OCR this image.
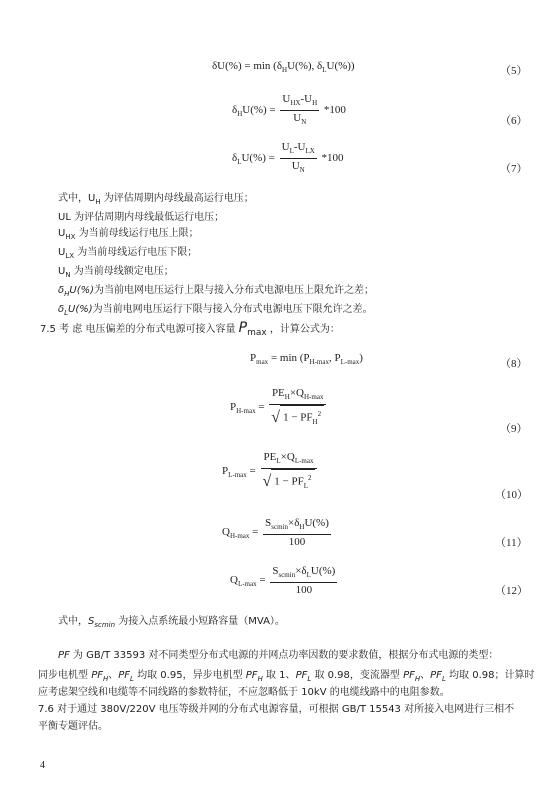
$\delta U(\%) = \min (\delta_HU(\%)$, $\delta_LU(\%)$)	（5）
$\delta_HU(\%) = \frac{U_{HX}-U_H}{U_N} *100$
（6）
$\delta_LU(\%) = \frac{U_L-U_{LX}}{U_N} *100$
（7）
式中，$U_H$ 为评估周期内母线最高运行电压；
UL 为评估周期内母线最低运行电压；
$U_{HX}$ 为当前母线运行电压上限；
$U_{LX}$ 为当前母线运行电压下限；
$U_N$ 为当前母线额定电压；
$\delta_HU(\%)$为当前电网电压运行上限与接入分布式电源电压上限允许之差；
$\delta_LU(\%)$为当前电网电压运行下限与接入分布式电源电压下限允许之差。
7.5 考 虑 电压偏差的分布式电源可接入容量 $P_{max}$ ，计算公式为：
$P_{max} = \min (P_{H-max}$, $P_{L-max}$)	（8）
$P_{H-max} = \frac{PE_H\times Q_{H-max}}{√ 1 - PF_H^2}$	（9）
$P_{L-max} = \frac{PE_L\times Q_{L-max}}{√ 1 - PF_L^2}$
（10）
$Q_{H-max} = \frac{S_{scmin}\times\delta_HU(\%)}{100}$	（11）
$Q_{L-max} = \frac{S_{scmin}\times\delta_LU(\%)}{100}$	（12）
式中，$S_{scmin}$ 为接入点系统最小短路容量（MVA）。
PF 为 GB/T 33593 对不同类型分布式电源的并网点功率因数的要求数值，根据分布式电源的类型：
同步电机型 $PF_H$、$PF_L$ 均取 0.95，异步电机型 $PF_H$ 取 1、$PF_L$ 取 0.98，变流器型 $PF_H$、$PF_L$ 均取 0.98；计算时
应考虑架空线和电缆等不同线路的参数特征，不应忽略低于 10kV 的电缆线路中的电阻参数。
7.6 对于通过 380V/220V 电压等级并网的分布式电源容量，可根据 GB/T 15543 对所接入电网进行三相不
平衡专题评估。
4
